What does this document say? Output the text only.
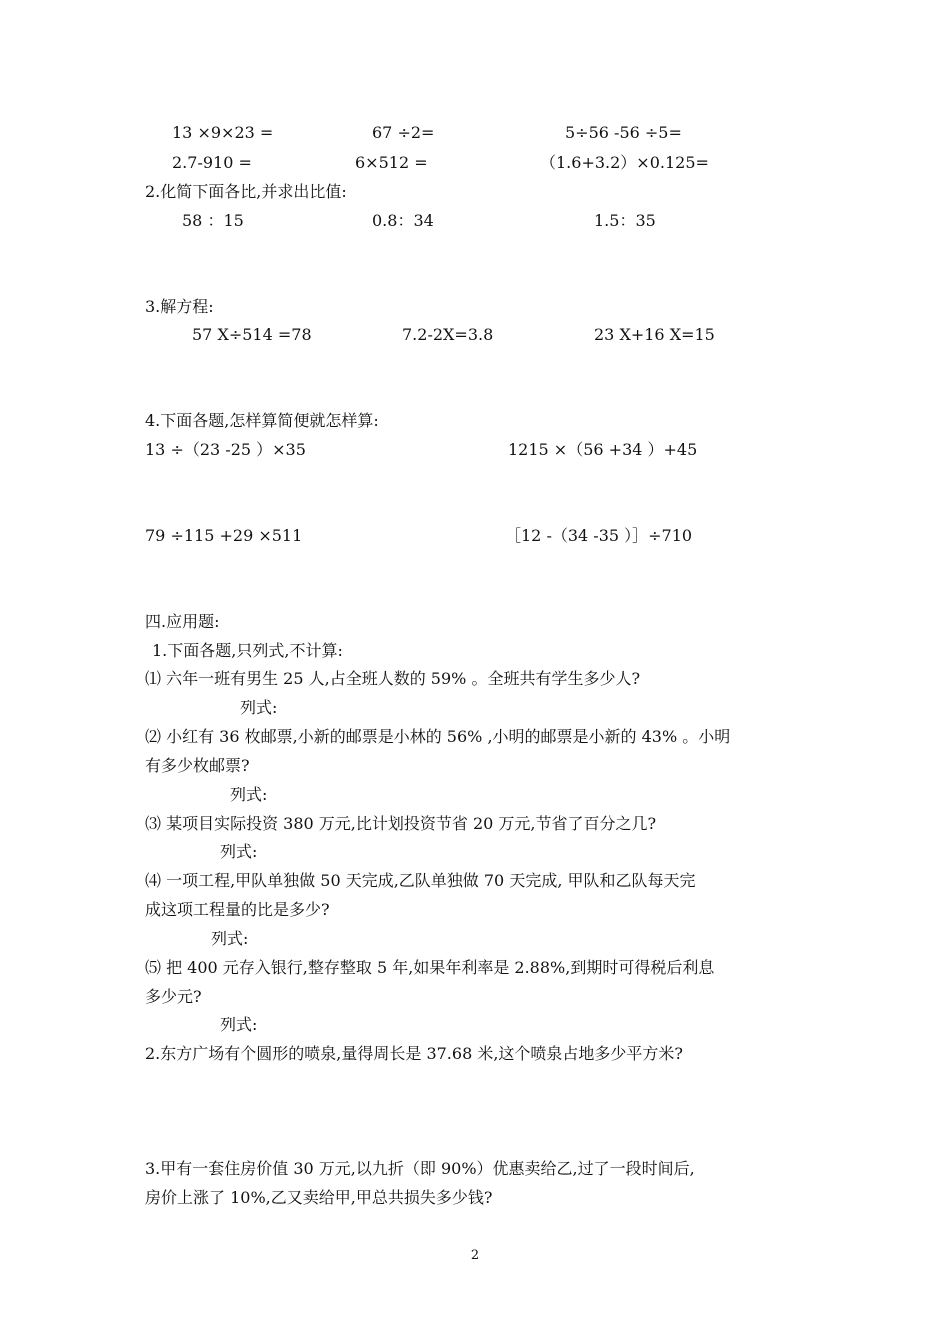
13 ×9×23 =	67 ÷2=	5÷56 -56 ÷5=
2.7-910 =	6×512 =	（1.6+3.2）×0.125=
2.化简下面各比,并求出比值:
58 ：15	0.8：34	1.5：35
3.解方程:
57 X÷514 =78	7.2-2X=3.8	23 X+16 X=15
4.下面各题,怎样算简便就怎样算:
13 ÷（23 -25 ）×35	1215 ×（56 +34 ）+45
79 ÷115 +29 ×511	［12 -（34 -35 ）］÷710
四.应用题:
1.下面各题,只列式,不计算:
⑴ 六年一班有男生 25 人,占全班人数的 59% 。全班共有学生多少人?
列式:
⑵ 小红有 36 枚邮票,小新的邮票是小林的 56% ,小明的邮票是小新的 43% 。小明
有多少枚邮票?
列式:
⑶ 某项目实际投资 380 万元,比计划投资节省 20 万元,节省了百分之几?
列式:
⑷ 一项工程,甲队单独做 50 天完成,乙队单独做 70 天完成, 甲队和乙队每天完
成这项工程量的比是多少?
列式:
⑸ 把 400 元存入银行,整存整取 5 年,如果年利率是 2.88%,到期时可得税后利息
多少元?
列式:
2.东方广场有个圆形的喷泉,量得周长是 37.68 米,这个喷泉占地多少平方米?
3.甲有一套住房价值 30 万元,以九折（即 90%）优惠卖给乙,过了一段时间后,
房价上涨了 10%,乙又卖给甲,甲总共损失多少钱?
2
